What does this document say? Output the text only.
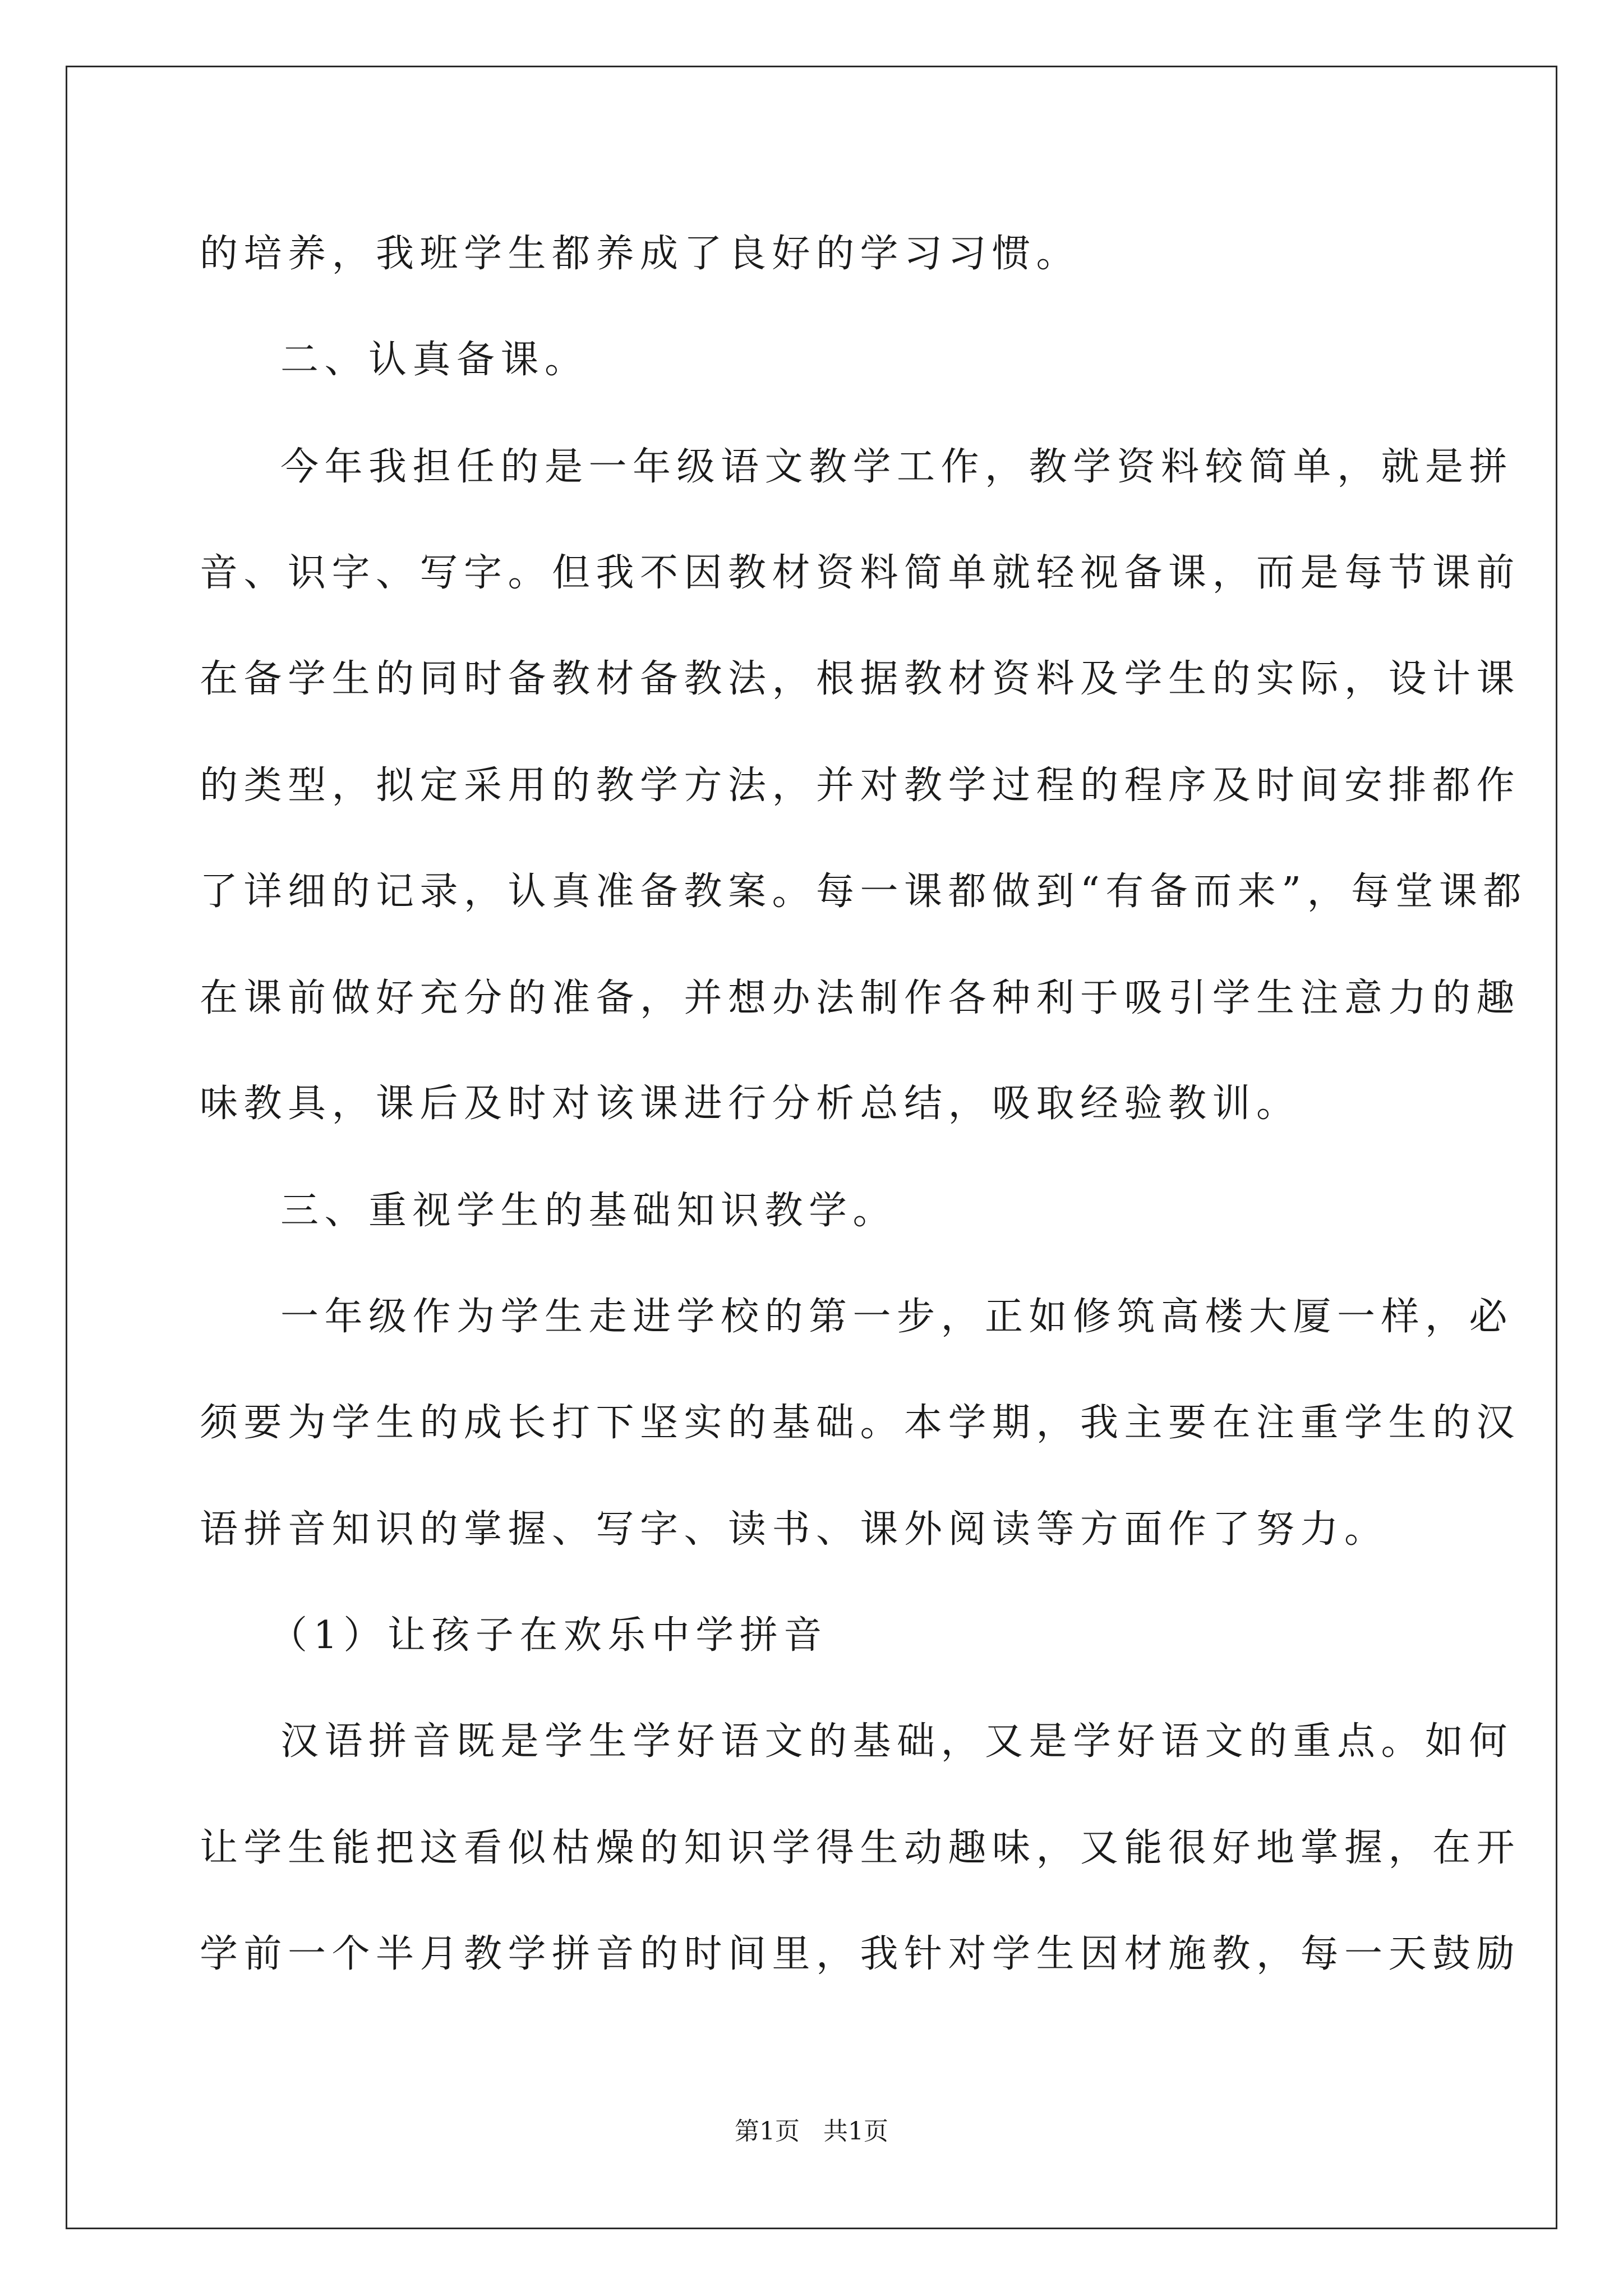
的培养，我班学生都养成了良好的学习习惯。
二、认真备课。
今年我担任的是一年级语文教学工作，教学资料较简单，就是拼
音、识字、写字。但我不因教材资料简单就轻视备课，而是每节课前
在备学生的同时备教材备教法，根据教材资料及学生的实际，设计课
的类型，拟定采用的教学方法，并对教学过程的程序及时间安排都作
了详细的记录，认真准备教案。每一课都做到“有备而来”，每堂课都
在课前做好充分的准备，并想办法制作各种利于吸引学生注意力的趣
味教具，课后及时对该课进行分析总结，吸取经验教训。
三、重视学生的基础知识教学。
一年级作为学生走进学校的第一步，正如修筑高楼大厦一样，必
须要为学生的成长打下坚实的基础。本学期，我主要在注重学生的汉
语拼音知识的掌握、写字、读书、课外阅读等方面作了努力。
（1）让孩子在欢乐中学拼音
汉语拼音既是学生学好语文的基础，又是学好语文的重点。如何
让学生能把这看似枯燥的知识学得生动趣味，又能很好地掌握，在开
学前一个半月教学拼音的时间里，我针对学生因材施教，每一天鼓励
第1页   共1页
